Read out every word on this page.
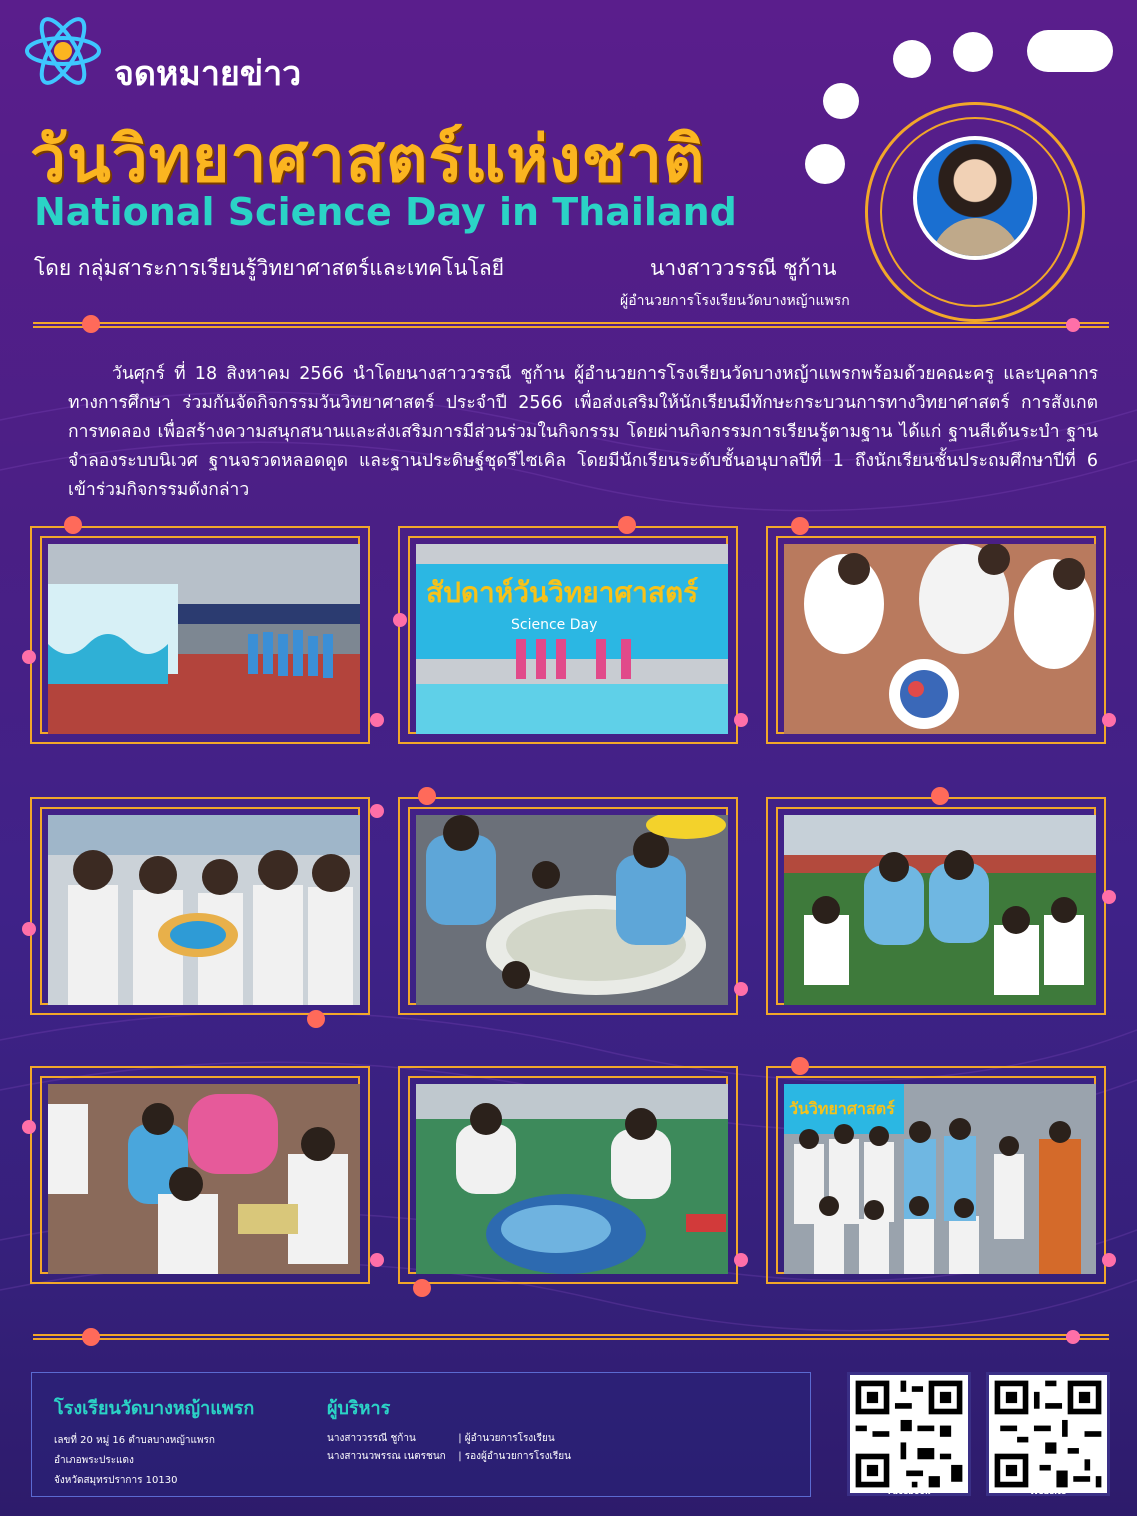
จดหมายข่าว
วันวิทยาศาสตร์แห่งชาติ
National Science Day in Thailand
โดย กลุ่มสาระการเรียนรู้วิทยาศาสตร์และเทคโนโลยี	นางสาววรรณี ชูก้าน
ผู้อำนวยการโรงเรียนวัดบางหญ้าแพรก
วันศุกร์ ที่ 18 สิงหาคม 2566 นำโดยนางสาววรรณี ชูก้าน ผู้อำนวยการโรงเรียนวัดบางหญ้าแพรกพร้อมด้วยคณะครู และบุคลากรทางการศึกษา ร่วมกันจัดกิจกรรมวันวิทยาศาสตร์ ประจำปี 2566 เพื่อส่งเสริมให้นักเรียนมีทักษะกระบวนการทางวิทยาศาสตร์ การสังเกต การทดลอง เพื่อสร้างความสนุกสนานและส่งเสริมการมีส่วนร่วมในกิจกรรม โดยผ่านกิจกรรมการเรียนรู้ตามฐาน ได้แก่ ฐานสีเต้นระบำ ฐานจำลองระบบนิเวศ ฐานจรวดหลอดดูด และฐานประดิษฐ์ชุดรีไซเคิล โดยมีนักเรียนระดับชั้นอนุบาลปีที่ 1 ถึงนักเรียนชั้นประถมศึกษาปีที่ 6 เข้าร่วมกิจกรรมดังกล่าว
สัปดาห์วันวิทยาศาสตร์
Science Day
วันวิทยาศาสตร์
โรงเรียนวัดบางหญ้าแพรก	ผู้บริหาร
เลขที่ 20 หมู่ 16 ตำบลบางหญ้าแพรก
อำเภอพระประแดง
จังหวัดสมุทรปราการ 10130
นางสาววรรณี ชูก้าน	| ผู้อำนวยการโรงเรียน
นางสาวนวพรรณ เนตรชนก | รองผู้อำนวยการโรงเรียน
Facebook	Website
